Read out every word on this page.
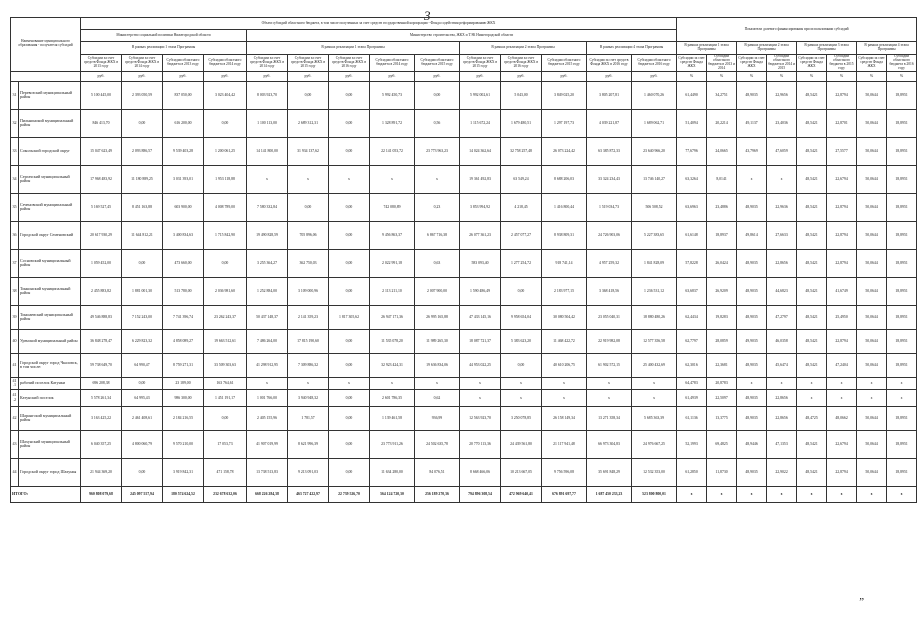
3
Наименование муниципального образования - получателя субсидий		Объем субсидий областного бюджета, в том числе полученных за счет средств государственной корпорации - Фонда содействия реформированию ЖКХ														Показатели долевого финансирования при использовании субсидий							
		Министерство социальной политики Нижегородской области				Министерство строительства, ЖКХ и ТЭК Нижегородской области																	
		В рамках реализации 1 этапа Программы				В рамках реализации 1 этапа Программы					В рамках реализации 2 этапа Программы			В рамках реализации 4 этапа Программы		В рамках реализации 1 этапа Программы		В рамках реализации 2 этапа Программы		В рамках реализации 3 этапа Программы		В рамках реализации 4 этапа Программы	
		Субсидии за счет средств Фонда ЖКХ в 2013 году	Субсидии за счет средств Фонда ЖКХ в 2014 году	Субсидии областного бюджета в 2013 году	Субсидии областного бюджета в 2014 году	Субсидии за счет средств Фонда ЖКХ в 2014 году	Субсидии за счет средств Фонда ЖКХ в 2015 году	Субсидии за счет средств Фонда ЖКХ в 2016 году	Субсидии областного бюджета в 2014 году	Субсидии областного бюджета в 2015 году	Субсидии за счет средств Фонда ЖКХ в 2015 году	Субсидии за счет средств Фонда ЖКХ в 2016 году	Субсидии областного бюджета в 2015 году	Субсидии за счет средств Фонда ЖКХ в 2016 году	Субсидии областного бюджета в 2016 году	Субсидии за счет средств Фонда ЖКХ	Субсидии областного бюджета в 2013 и 2014	Субсидии за счет средств Фонда ЖКХ	Субсидии областного бюджета в 2014 и 2015	Субсидии за счет средств Фонда ЖКХ	Субсидии областного бюджета в 2015 году	Субсидии за счет средств Фонда ЖКХ	Субсидии областного бюджета в 2016 году
		руб.	руб.	руб.	руб.	руб.	руб.	руб.	руб.	руб.	руб.	руб.	руб.	руб.	руб.	%	%	%	%	%	%	%	%
31	Перевозский муниципальный район	5 100 445,00	2 393 050,59	837 050,00	3 023 404,42	8 003 923,70	0,00	0,00	5 992 450,73	0,00	5 992 002,61	5 043,00	3 849 025,20	3 805 207,81	1 460 070,26	61,4490	34,2751	48,9035	22,9656	48,5421	22,8794	50,0644	18,8951
32	Пильнинский муниципальный район	846 413,70	0,00	616 200,00	0,00	1 100 113,00	2 689 312,31	0,00	1 328 891,72	0,56	1 115 672,24	1 679 480,51	1 297 197,73	4 039 221,87	1 689 062,71	51,4094	20,2214	49,1137	23,4036	48,5421	22,8701	50,0644	18,8951
33	Сокольский городской округ	15 047 623,49	2 093 886,57	9 539 403,28	1 200 061,25	14 141 800,00	31 934 137,62	0,00	22 141 053,72	23 773 963,23	14 024 362,64	32 758 257,48	26 073 224,42	63 385 872,33	23 640 966,20	77,6796	24,0665	43,7969	47,6059	48,5421	27,5577	50,0644	18,8951
34	Сергачский муниципальный район	17 968 483,92	11 180 889,25	3 031 393,01	1 953 118,88	x	x	x	x	x	19 361 492,83	63 549,24	8 688 206,03	33 324 234,43	13 746 140,27	63,3264	8,0141	x	x	48,5421	22,6794	50,0644	18,8951
35	Сеченовский муниципальный район	5 169 527,45	8 451 163,88	603 900,00	4 008 789,00	7 580 332,84	0,00	0,00	742 080,89	0,23	3 853 994,92	4 218,45	1 416 800,44	1 519 034,73	506 508,52	63,6963	23,4886	48,9035	22,9636	48,5421	22,8794	50,0644	18,8951
36	Городской округ Семеновский	20 617 930,29	11 644 812,21	3 400 834,63	1 715 842,90	19 490 828,59	705 896,06	0,00	9 456 863,37	6 867 716,38	26 077 361,23	2 457 077,27	8 938 809,31	24 726 903,06	5 227 383,65	61,6148	18,8937	49,8614	27,6633	48,5421	22,8794	50,0644	18,8951
37	Сосновский муниципальный район	1 059 452,00	0,00	473 660,00	0,00	3 255 364,27	362 750,03	0,00	2 022 991,18	0,63	583 093,40	1 277 254,72	918 741,14	4 957 259,32	1 841 828,09	57,8228	26,0424	48,9035	22,8656	48,5421	22,8794	50,0644	18,8951
38	Тонкинский муниципальный район	2 455 883,82	1 881 001,30	513 780,00	2 036 981,60	1 252 884,00	3 109 000,96	0,00	2 113 211,10	2 007 900,00	1 590 486,49	0,00	2 183 977,15	3 368 418,56	1 236 531,12	63,6837	26,9209	48,9035	44,6823	48,5421	41,6749	50,0644	18,8951
39	Тоншаевский муниципальный район	49 546 888,83	7 152 243,00	7 741 396,74	23 262 243,37	50 437 148,37	2 141 359,23	1 817 305,62	26 947 171,36	26 995 165,88	47 433 145,16	9 958 654,04	30 080 504,42	23 055 040,31	18 880 480,26	62,4434	19,8283	48,9035	47,2797	48,5421	25,4950	50,0644	18,8951
40	Уренский муниципальный район	36 848 278,47	6 229 823,32	4 858 089,27	19 663 512,61	7 486 264,00	17 815 190,60	0,00	11 535 078,20	11 989 265,30	18 087 721,37	5 383 623,20	11 468 422,72	22 919 982,08	12 577 356,58	62,7797	28,0859	49,9035	46,0358	48,5421	22,8794	50,0644	18,8951
41	Городской округ город Чкаловск, в том числе:	59 738 649,70	64 990,47	8 759 271,31	33 509 303,63	41 298 912,95	7 309 886,32	0,00	32 923 424,31	19 636 834,06	44 953 022,25	0,00	40 610 206,75	61 902 572,15	25 400 432,69	62,3016	22,3681	48,9035	45,6474	48,5421	47,2404	50,0644	18,8951
41.1	рабочий поселок Катунки	696 208,38	0,00	23 189,00	163 764,61	x	x	x	x	x	x	x	x	x	x	64,4783	20,8783	x	x	x	x	x	x
41.2	Катунский поселок	5 578 261,34	64 995,43	986 300,00	1 451 191,17	1 001 766,00	3 940 948,32	0,00	2 601 786,35	0,62	x	x	x	x	x	61,4939	22,5097	48,9035	22,8656	x	x	x	x
42	Шарангский муниципальный район	3 163 425,22	2 461 408,61	2 184 216,55	0,00	2 405 155,96	1 781,57	0,00	1 139 461,58	936,99	12 563 923,70	3 250 078,85	26 158 149,34	13 271 358,34	5 685 363,39	61,1136	13,3775	48,9035	22,8656	48,4725	48,0662	50,0644	18,8951
43	Шахунский муниципальный район	6 040 357,25	4 800 060,79	9 570 210,00	17 053,73	41 907 019,99	8 621 996,39	0,00	23 773 911,26	24 502 635,78	20 770 113,36	24 439 561,80	21 117 941,48	66 973 304,83	24 976 667,25	52,1993	69,4825	48,9446	47,1353	48,5421	22,6794	50,0644	18,8951
44	Городской округ город Шахунья	21 944 369,20	0,00	3 919 842,31	471 158,78	13 738 513,83	9 213 091,03	0,00	11 634 280,00	84 076,51	8 668 466,06	10 213 667,05	9 756 596,08	35 691 848,29	12 532 353,00	61,2850	11,8730	48,9035	22,9022	48,5421	22,8794	50,0644	18,8951
ИТОГО:		960 808 079,68	245 097 557,94	180 574 624,52	232 678 632,06	668 226 284,38	463 727 422,97	22 739 526,70	564 124 720,30	256 189 270,36	794 896 308,54	472 969 640,41	676 891 697,77	1 687 450 233,23	523 800 800,01	x	x	x	x	x	x	x	x
”
